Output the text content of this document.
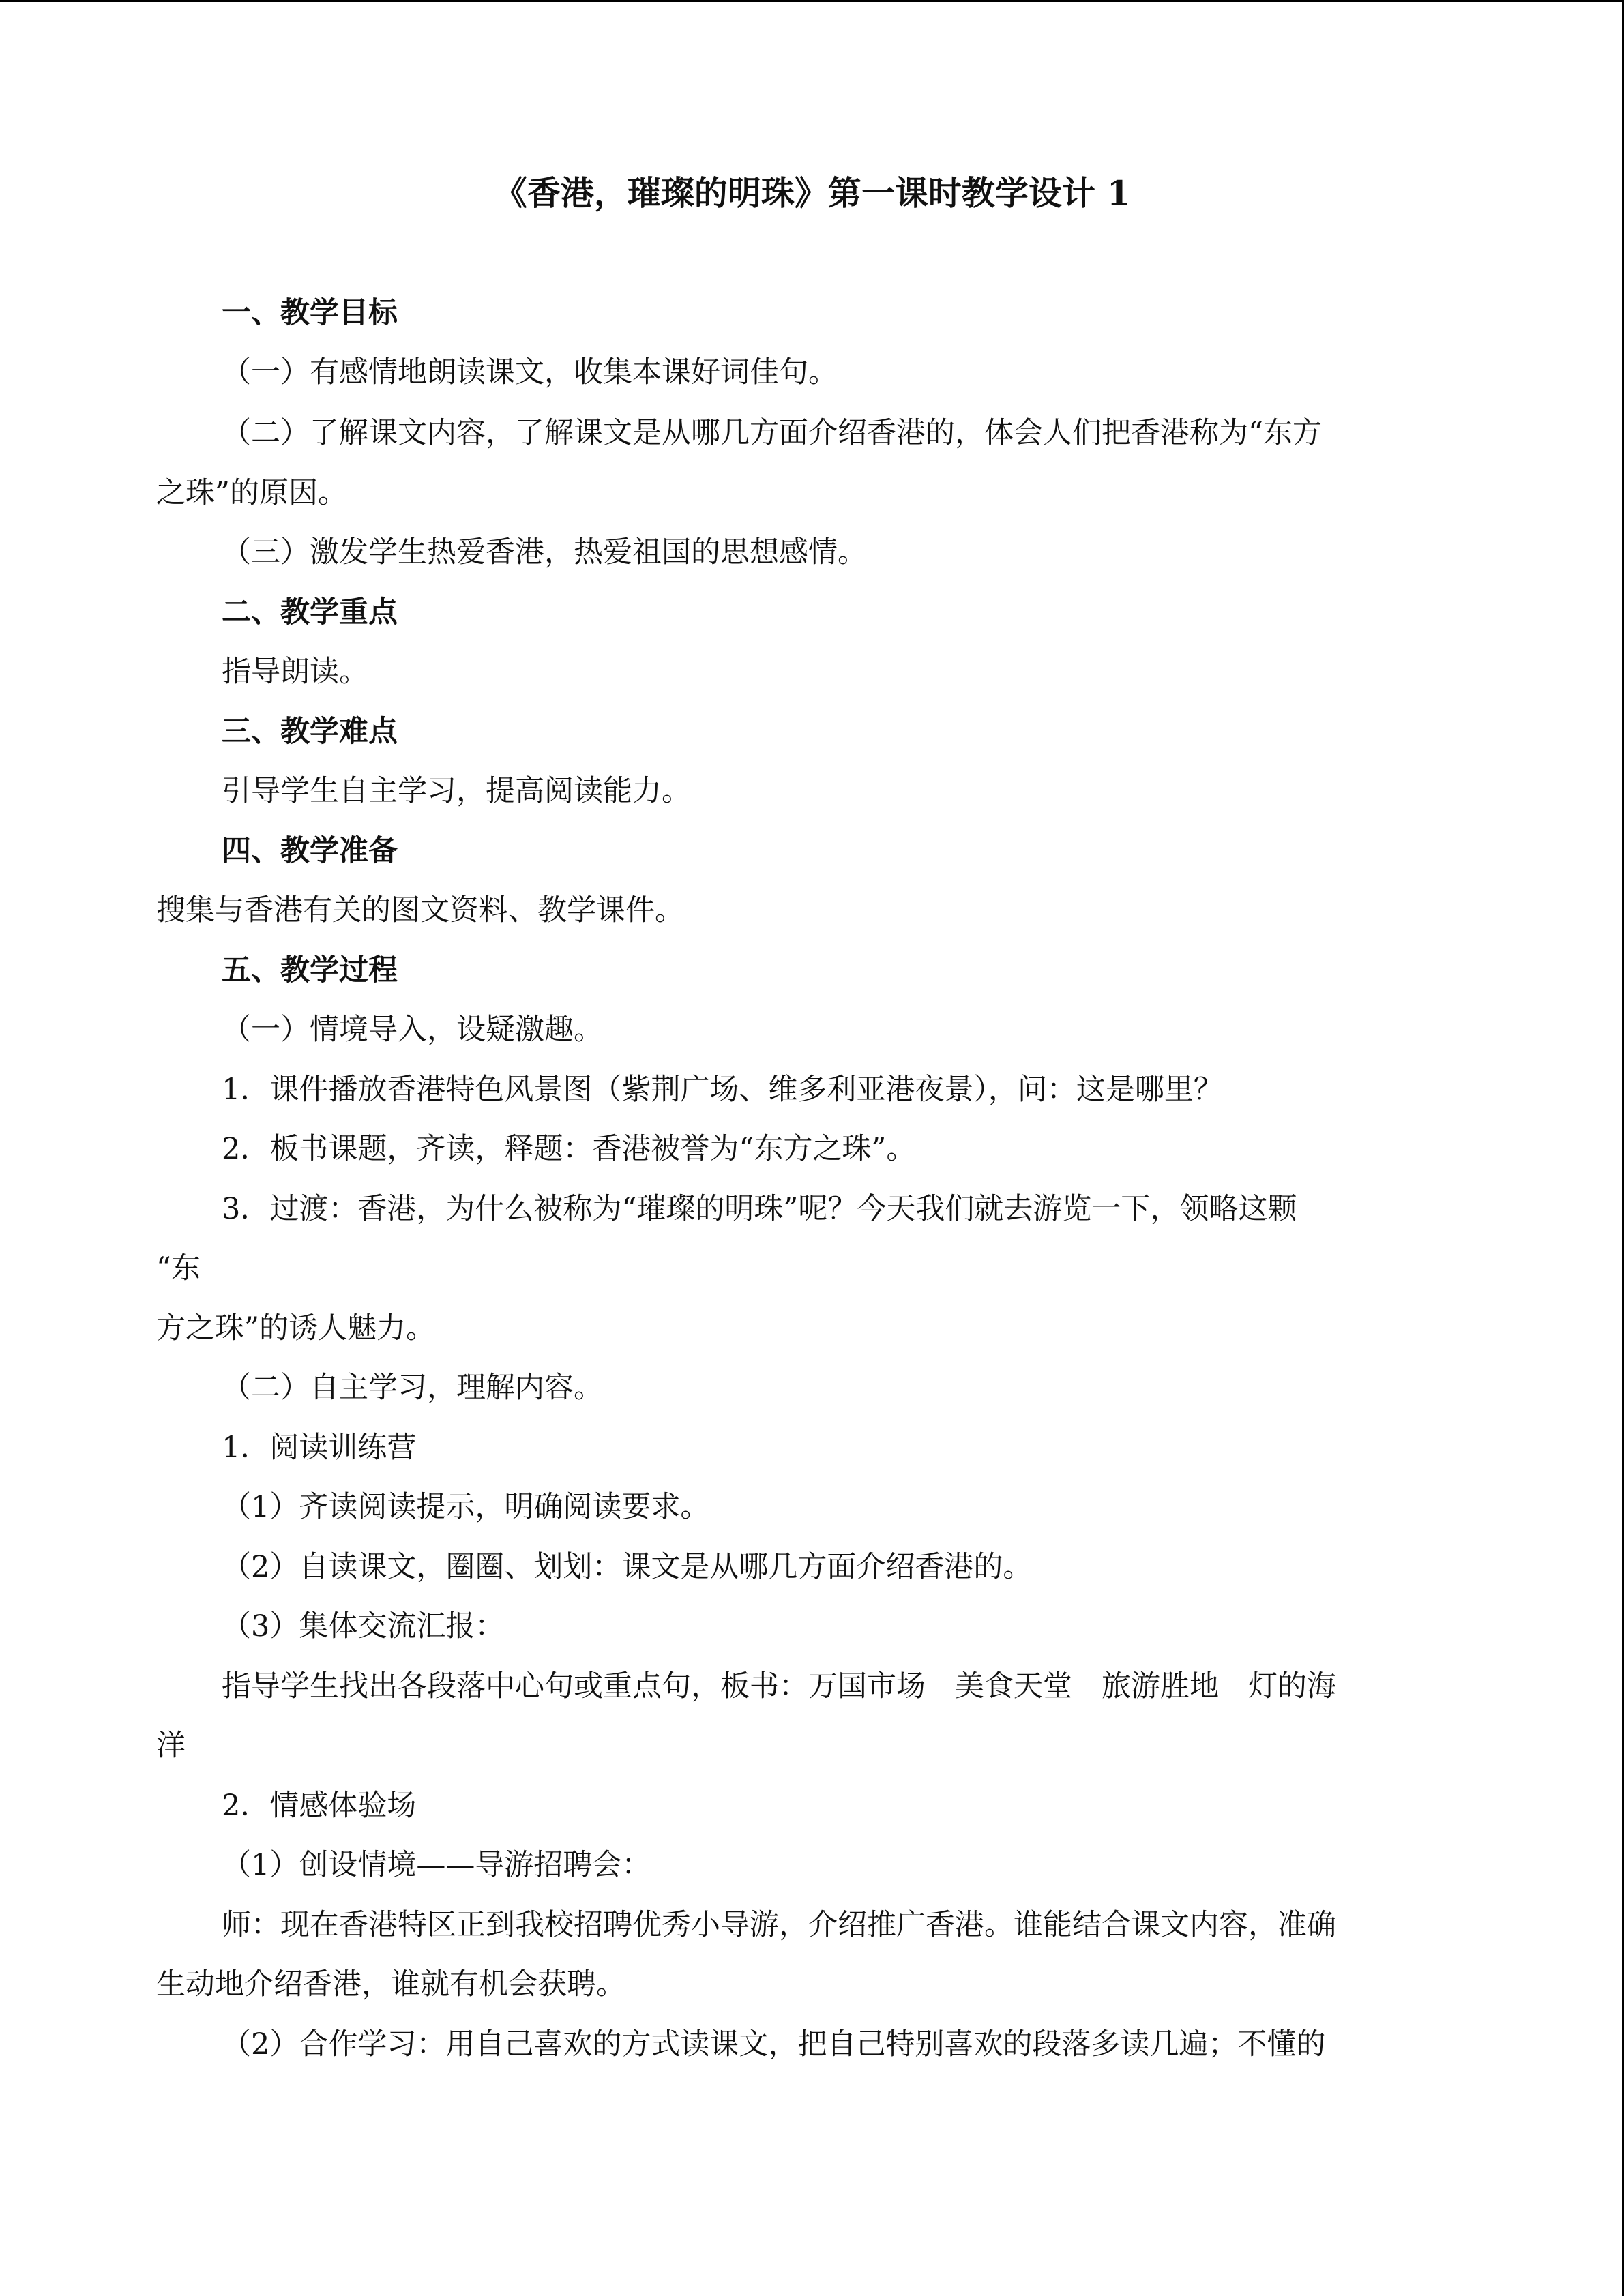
《香港，璀璨的明珠》第一课时教学设计 1
一、教学目标
（一）有感情地朗读课文，收集本课好词佳句。
（二）了解课文内容，了解课文是从哪几方面介绍香港的，体会人们把香港称为“东方
之珠”的原因。
（三）激发学生热爱香港，热爱祖国的思想感情。
二、教学重点
指导朗读。
三、教学难点
引导学生自主学习，提高阅读能力。
四、教学准备
搜集与香港有关的图文资料、教学课件。
五、教学过程
（一）情境导入，设疑激趣。
1．课件播放香港特色风景图（紫荆广场、维多利亚港夜景），问：这是哪里？
2．板书课题，齐读，释题：香港被誉为“东方之珠”。
3．过渡：香港，为什么被称为“璀璨的明珠”呢？今天我们就去游览一下，领略这颗
“东
方之珠”的诱人魅力。
（二）自主学习，理解内容。
1．阅读训练营
（1）齐读阅读提示，明确阅读要求。
（2）自读课文，圈圈、划划：课文是从哪几方面介绍香港的。
（3）集体交流汇报：
指导学生找出各段落中心句或重点句，板书：万国市场　美食天堂　旅游胜地　灯的海
洋
2．情感体验场
（1）创设情境——导游招聘会：
师：现在香港特区正到我校招聘优秀小导游，介绍推广香港。谁能结合课文内容，准确
生动地介绍香港，谁就有机会获聘。
（2）合作学习：用自己喜欢的方式读课文，把自己特别喜欢的段落多读几遍；不懂的
